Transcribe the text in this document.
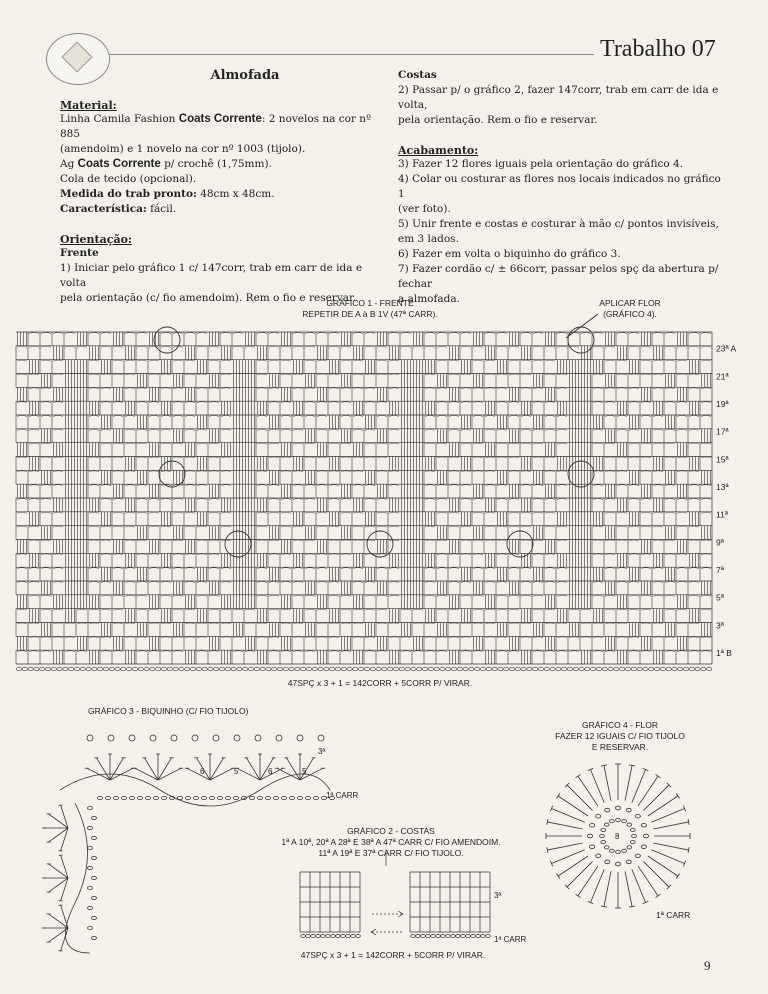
Trabalho 07
Almofada

Material:

Linha Camila Fashion Coats Corrente: 2 novelos na cor nº 885

(amendoim) e 1 novelo na cor nº 1003 (tijolo).

Ag Coats Corrente p/ crochê (1,75mm).

Cola de tecido (opcional).

Medida do trab pronto: 48cm x 48cm.

Característica: fácil.

Orientação:

Frente

1) Iniciar pelo gráfico 1 c/ 147corr, trab em carr de ida e volta

pela orientação (c/ fio amendoim). Rem o fio e reservar.

Costas

2) Passar p/ o gráfico 2, fazer 147corr, trab em carr de ida e volta,

pela orientação. Rem o fio e reservar.

Acabamento:

3) Fazer 12 flores iguais pela orientação do gráfico 4.

4) Colar ou costurar as flores nos locais indicados no gráfico 1

(ver foto).

5) Unir frente e costas e costurar à mão c/ pontos invisíveis,

em 3 lados.

6) Fazer em volta o biquinho do gráfico 3.

7) Fazer cordão c/ ± 66corr, passar pelos spç da abertura p/ fechar

a almofada.

GRÁFICO 1 - FRENTE
REPETIR DE A à B 1V (47ª CARR).
APLICAR FLOR
(GRÁFICO 4).
23ª A
21ª
19ª
17ª
15ª
13ª
11ª
9ª
7ª
5ª
3ª
1ª B
47SPÇ x 3 + 1 = 142CORR + 5CORR P/ VIRAR.
GRÁFICO 3 - BIQUINHO (C/ FIO TIJOLO)
6	5	6	5
3ª
1ª CARR
GRÁFICO 2 - COSTAS
1ª A 10ª, 20ª A 28ª E 38ª A 47ª CARR C/ FIO AMENDOIM.
11ª A 19ª E 37ª CARR C/ FIO TIJOLO.
3ª
1ª CARR
47SPÇ x 3 + 1 = 142CORR + 5CORR P/ VIRAR.
GRÁFICO 4 - FLOR
FAZER 12 IGUAIS C/ FIO TIJOLO
E RESERVAR.
8
1ª CARR
9
